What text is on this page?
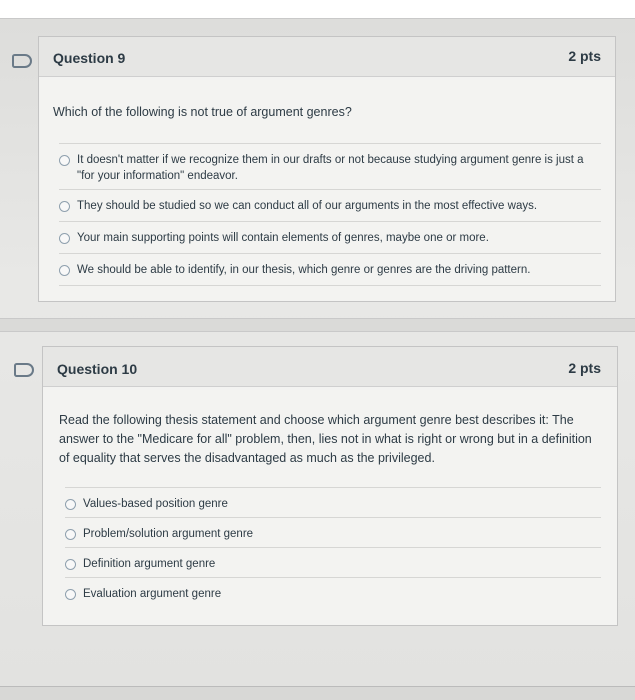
Question 9	2 pts
Which of the following is not true of argument genres?
It doesn't matter if we recognize them in our drafts or not because studying argument genre is just a "for your information" endeavor.
They should be studied so we can conduct all of our arguments in the most effective ways.
Your main supporting points will contain elements of genres, maybe one or more.
We should be able to identify, in our thesis, which genre or genres are the driving pattern.
Question 10	2 pts
Read the following thesis statement and choose which argument genre best describes it: The answer to the "Medicare for all" problem, then, lies not in what is right or wrong but in a definition of equality that serves the disadvantaged as much as the privileged.
Values-based position genre
Problem/solution argument genre
Definition argument genre
Evaluation argument genre
